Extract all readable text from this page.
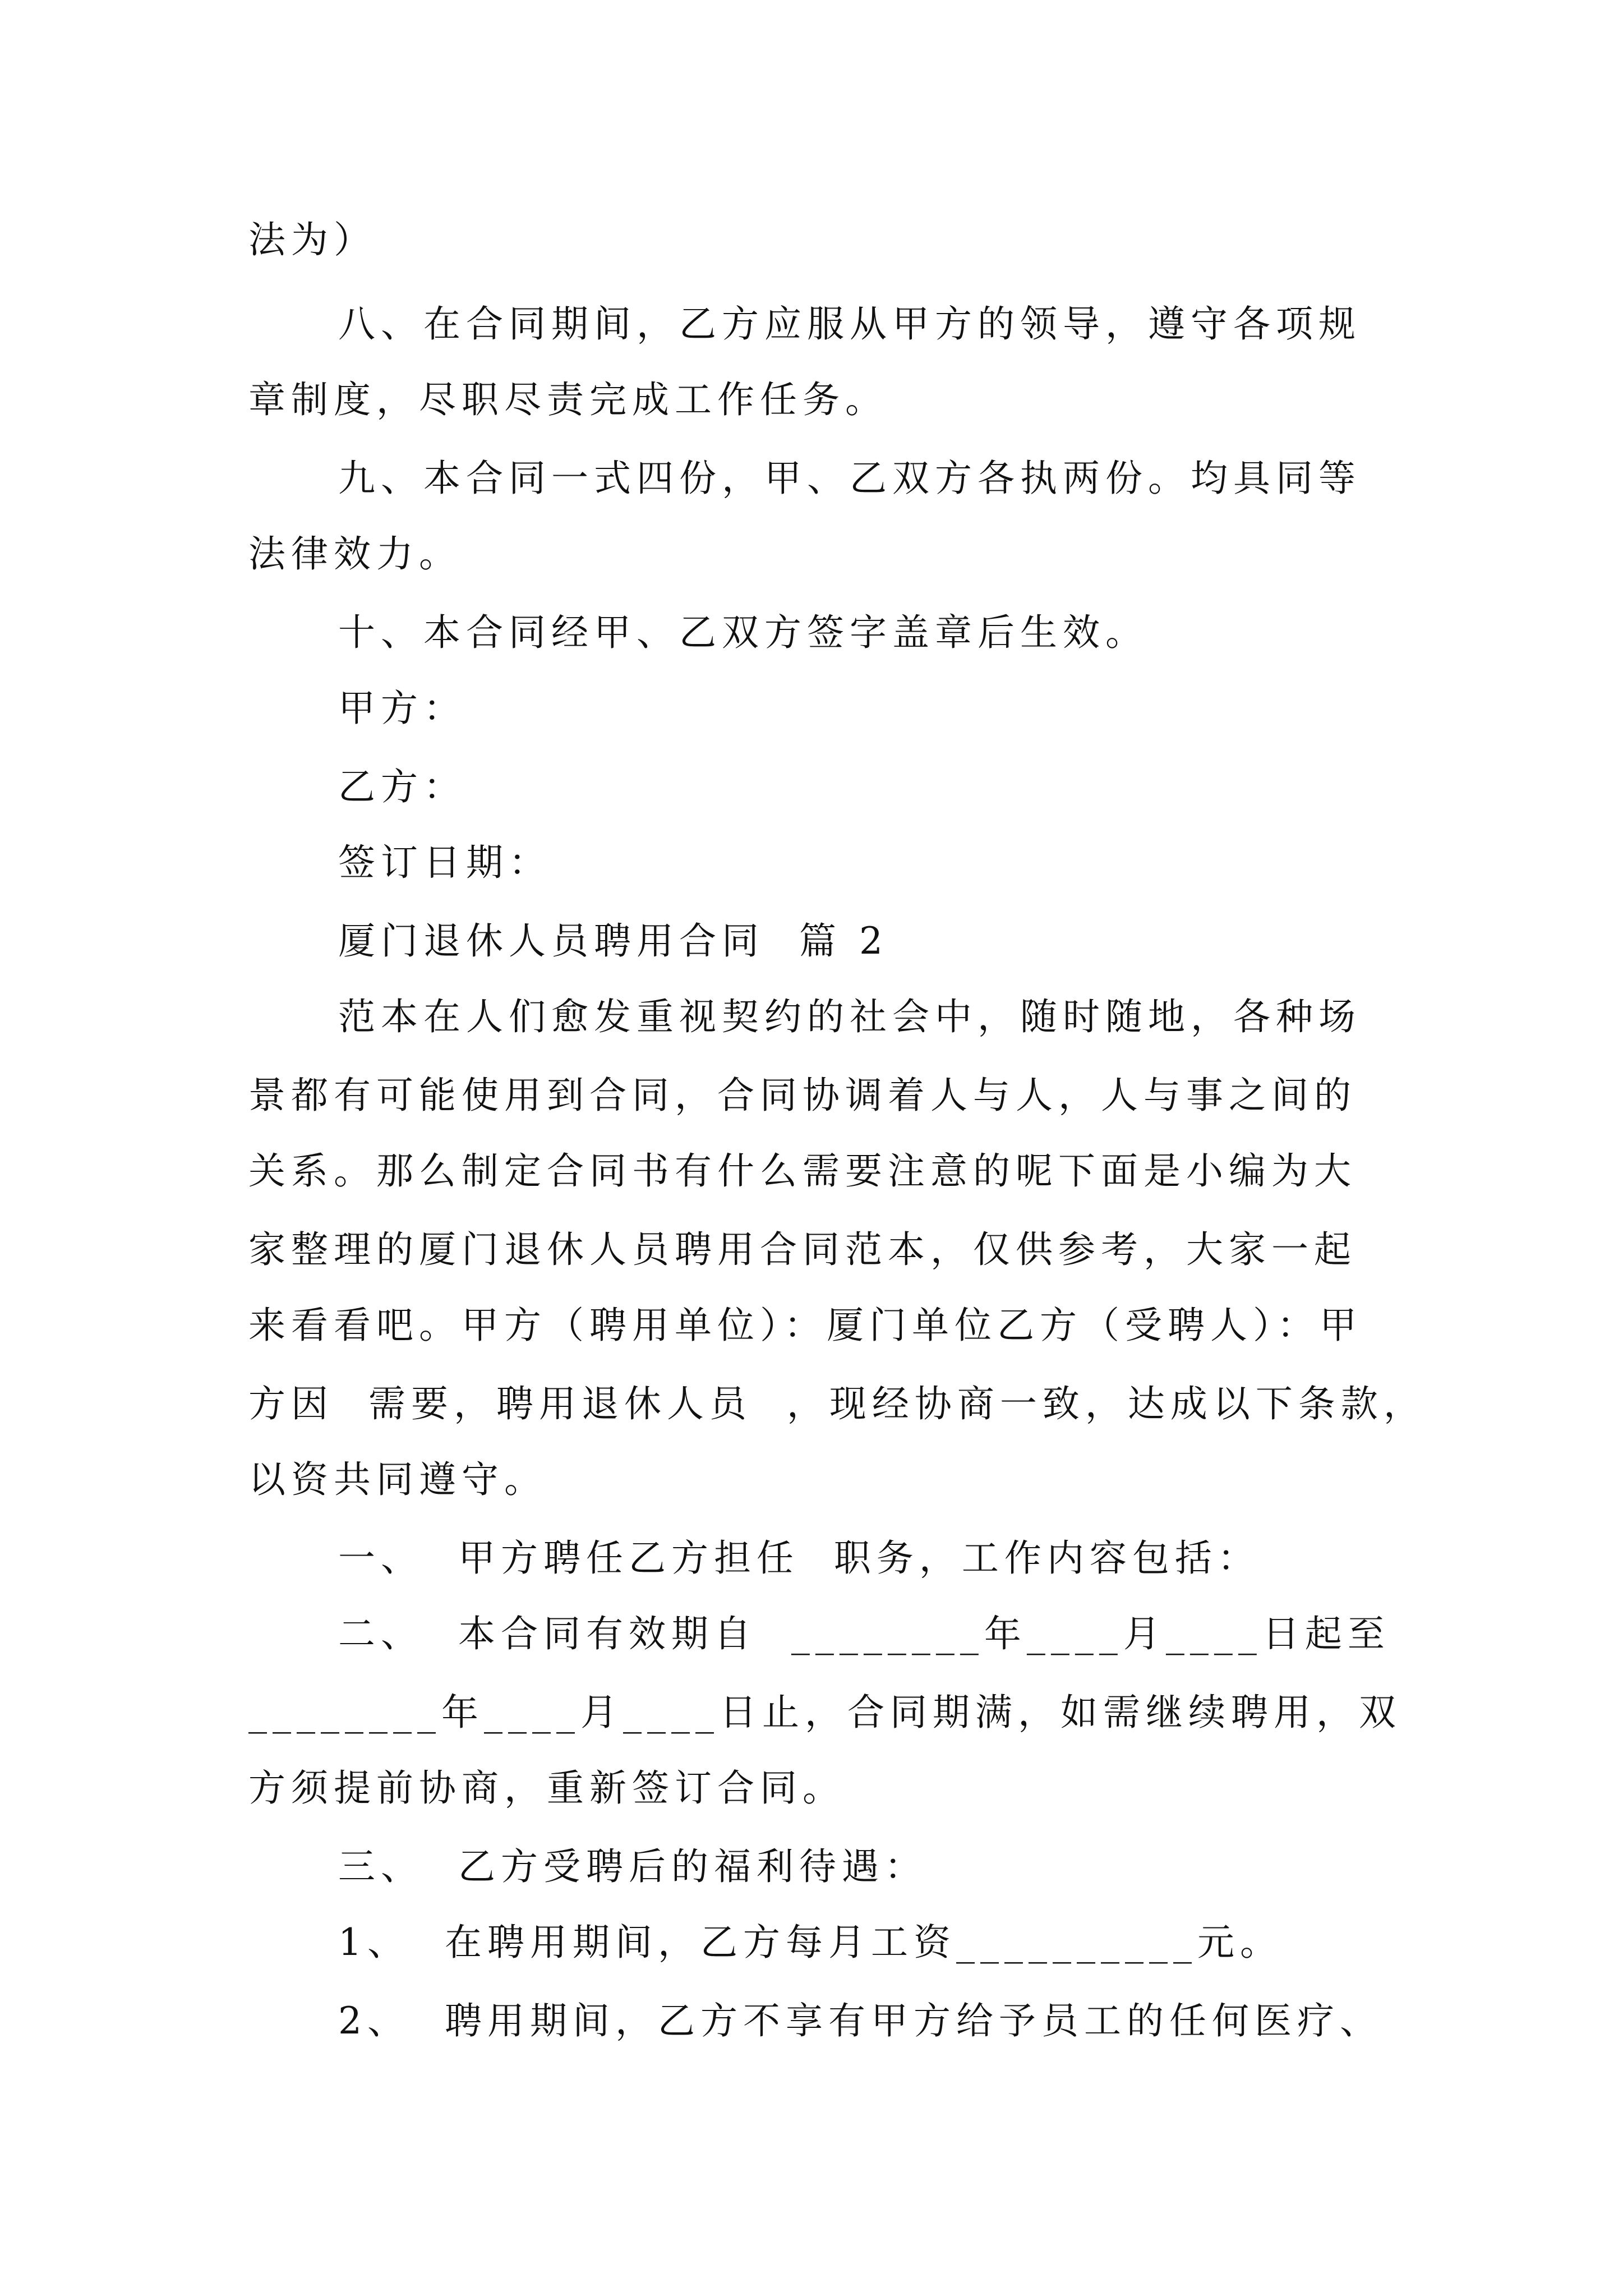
法为）
八、在合同期间，乙方应服从甲方的领导，遵守各项规
章制度，尽职尽责完成工作任务。
九、本合同一式四份，甲、乙双方各执两份。均具同等
法律效力。
十、本合同经甲、乙双方签字盖章后生效。
甲方：
乙方：
签订日期：
厦门退休人员聘用合同  篇 2
范本在人们愈发重视契约的社会中，随时随地，各种场
景都有可能使用到合同，合同协调着人与人，人与事之间的
关系。那么制定合同书有什么需要注意的呢下面是小编为大
家整理的厦门退休人员聘用合同范本，仅供参考，大家一起
来看看吧。甲方（聘用单位）：厦门单位乙方（受聘人）：甲
方因  需要，聘用退休人员  ，现经协商一致，达成以下条款，
以资共同遵守。
一、  甲方聘任乙方担任  职务，工作内容包括：
二、  本合同有效期自  ________年____月____日起至
________年____月____日止，合同期满，如需继续聘用，双
方须提前协商，重新签订合同。
三、  乙方受聘后的福利待遇：
1、  在聘用期间，乙方每月工资__________元。
2、  聘用期间，乙方不享有甲方给予员工的任何医疗、
